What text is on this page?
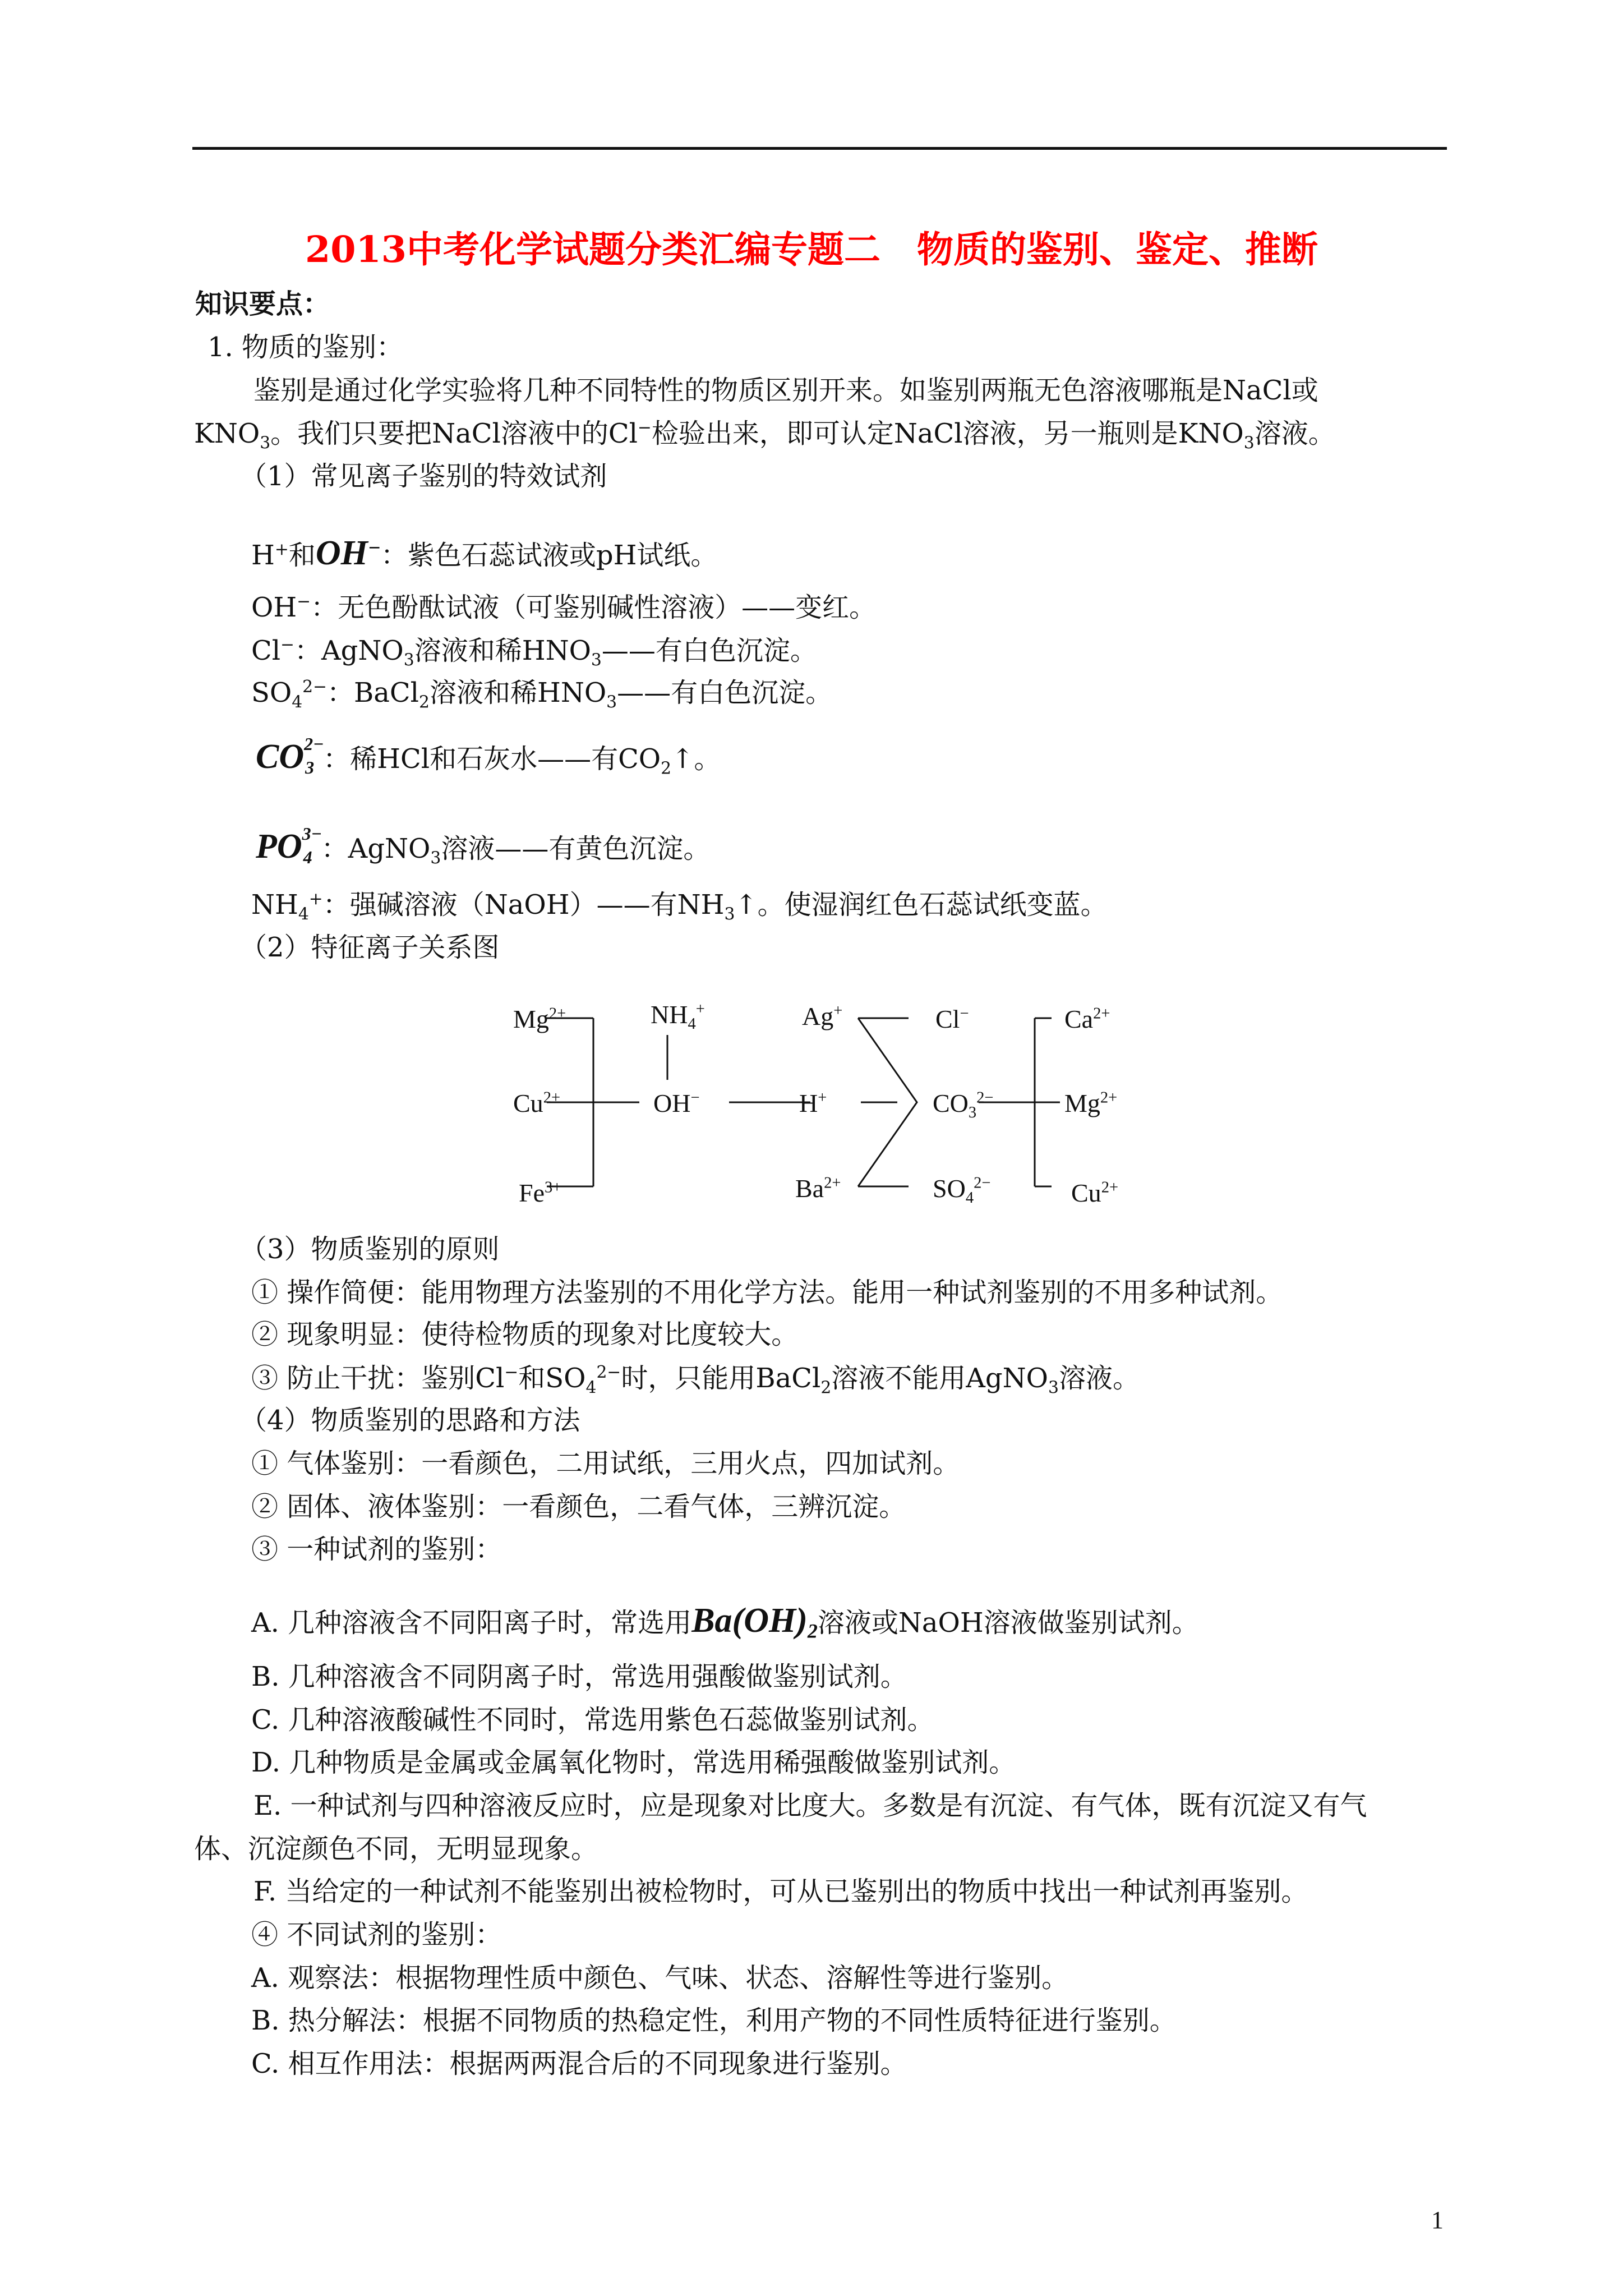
2013中考化学试题分类汇编专题二　物质的鉴别、鉴定、推断
知识要点：
1. 物质的鉴别：
鉴别是通过化学实验将几种不同特性的物质区别开来。如鉴别两瓶无色溶液哪瓶是NaCl或
$KNO_3$。我们只要把NaCl溶液中的Cl−检验出来，即可认定NaCl溶液，另一瓶则是$KNO_3$溶液。
（1）常见离子鉴别的特效试剂
H+和OH−：紫色石蕊试液或pH试纸。
OH−：无色酚酞试液（可鉴别碱性溶液）——变红。
Cl−：AgNO$_3$溶液和稀$HNO_3——$有白色沉淀。
$SO_4^{2-}$：BaCl$_2$溶液和稀$HNO_3——$有白色沉淀。
CO 2−
3 ：稀HCl和石灰水——有$CO_2↑$。
PO 3−
4 ：AgNO$_3$溶液——有黄色沉淀。
$NH_4^+$：强碱溶液（NaOH）——有$NH_3↑$。使湿润红色石蕊试纸变蓝。
（2）特征离子关系图
$Mg^{2+}$
$Cu^{2+}$
$Fe^{3+}$
$NH_4^+$
OH−
Ag+
H+
$Ba^{2+}$
Cl−
$CO_3^{2-}$
$SO_4^{2-}$
$Ca^{2+}$
$Mg^{2+}$
$Cu^{2+}$
（3）物质鉴别的原则
① 操作简便：能用物理方法鉴别的不用化学方法。能用一种试剂鉴别的不用多种试剂。
② 现象明显：使待检物质的现象对比度较大。
③ 防止干扰：鉴别Cl−和$SO_4^{2-}$时，只能用BaCl$_2$溶液不能用AgNO$_3$溶液。
（4）物质鉴别的思路和方法
① 气体鉴别：一看颜色，二用试纸，三用火点，四加试剂。
② 固体、液体鉴别：一看颜色，二看气体，三辨沉淀。
③ 一种试剂的鉴别：
A. 几种溶液含不同阳离子时，常选用$Ba(OH)_2$溶液或NaOH溶液做鉴别试剂。
B. 几种溶液含不同阴离子时，常选用强酸做鉴别试剂。
C. 几种溶液酸碱性不同时，常选用紫色石蕊做鉴别试剂。
D. 几种物质是金属或金属氧化物时，常选用稀强酸做鉴别试剂。
E. 一种试剂与四种溶液反应时，应是现象对比度大。多数是有沉淀、有气体，既有沉淀又有气
体、沉淀颜色不同，无明显现象。
F. 当给定的一种试剂不能鉴别出被检物时，可从已鉴别出的物质中找出一种试剂再鉴别。
④ 不同试剂的鉴别：
A. 观察法：根据物理性质中颜色、气味、状态、溶解性等进行鉴别。
B. 热分解法：根据不同物质的热稳定性，利用产物的不同性质特征进行鉴别。
C. 相互作用法：根据两两混合后的不同现象进行鉴别。
1
